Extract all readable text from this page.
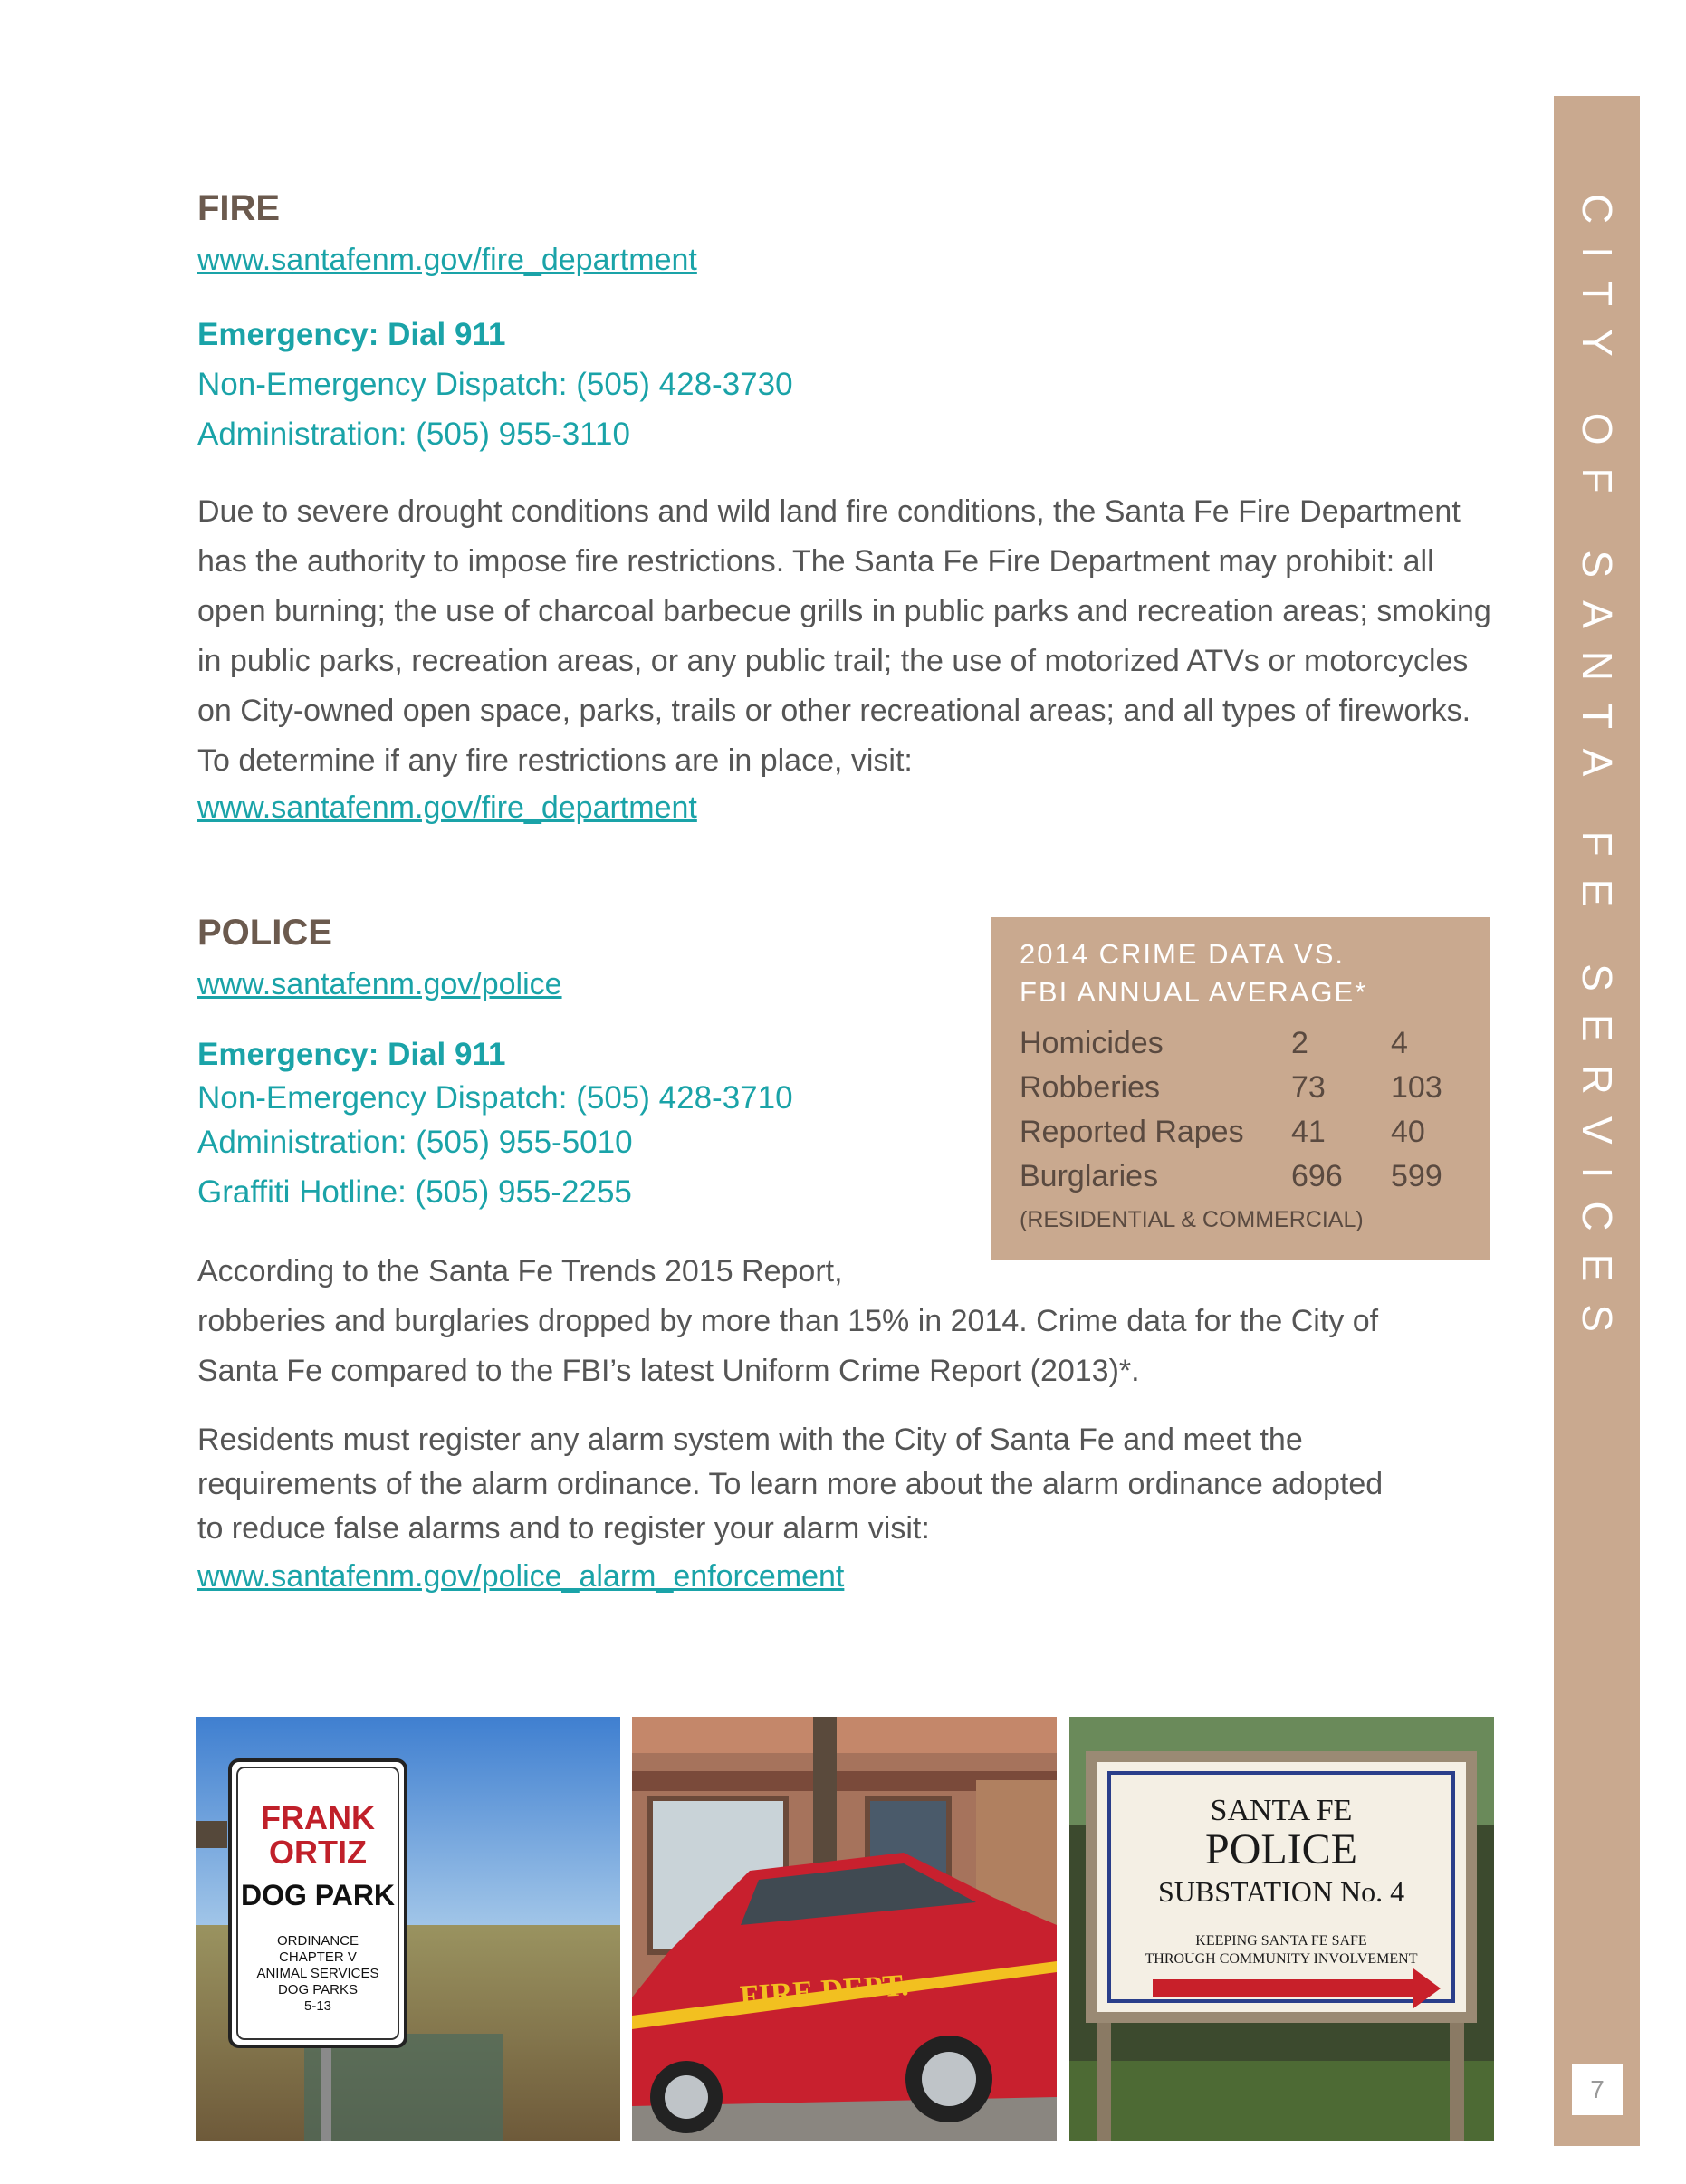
CITY OF SANTA FE SERVICES
7
FIRE
www.santafenm.gov/fire_department
Emergency: Dial 911
Non-Emergency Dispatch: (505) 428-3730
Administration: (505) 955-3110
Due to severe drought conditions and wild land fire conditions, the Santa Fe Fire Department
has the authority to impose fire restrictions. The Santa Fe Fire Department may prohibit: all
open burning; the use of charcoal barbecue grills in public parks and recreation areas; smoking
in public parks, recreation areas, or any public trail; the use of motorized ATVs or motorcycles
on City-owned open space, parks, trails or other recreational areas; and all types of fireworks.
To determine if any fire restrictions are in place, visit:
www.santafenm.gov/fire_department
POLICE
www.santafenm.gov/police
Emergency: Dial 911
Non-Emergency Dispatch: (505) 428-3710
Administration: (505) 955-5010
Graffiti Hotline: (505) 955-2255
According to the Santa Fe Trends 2015 Report,
robberies and burglaries dropped by more than 15% in 2014. Crime data for the City of
Santa Fe compared to the FBI’s latest Uniform Crime Report (2013)*.
Residents must register any alarm system with the City of Santa Fe and meet the
requirements of the alarm ordinance. To learn more about the alarm ordinance adopted
to reduce false alarms and to register your alarm visit:
www.santafenm.gov/police_alarm_enforcement
2014 CRIME DATA VS.
FBI ANNUAL AVERAGE*
Homicides	2	4
Robberies	73 103
Reported Rapes 41 40
Burglaries	696 599
(RESIDENTIAL & COMMERCIAL)
FRANK
ORTIZ
DOG PARK
ORDINANCE
CHAPTER V
ANIMAL SERVICES
DOG PARKS
5-13	FIRE DEPT.
SANTA FE
POLICE
SUBSTATION No. 4
KEEPING SANTA FE SAFE
THROUGH COMMUNITY INVOLVEMENT
